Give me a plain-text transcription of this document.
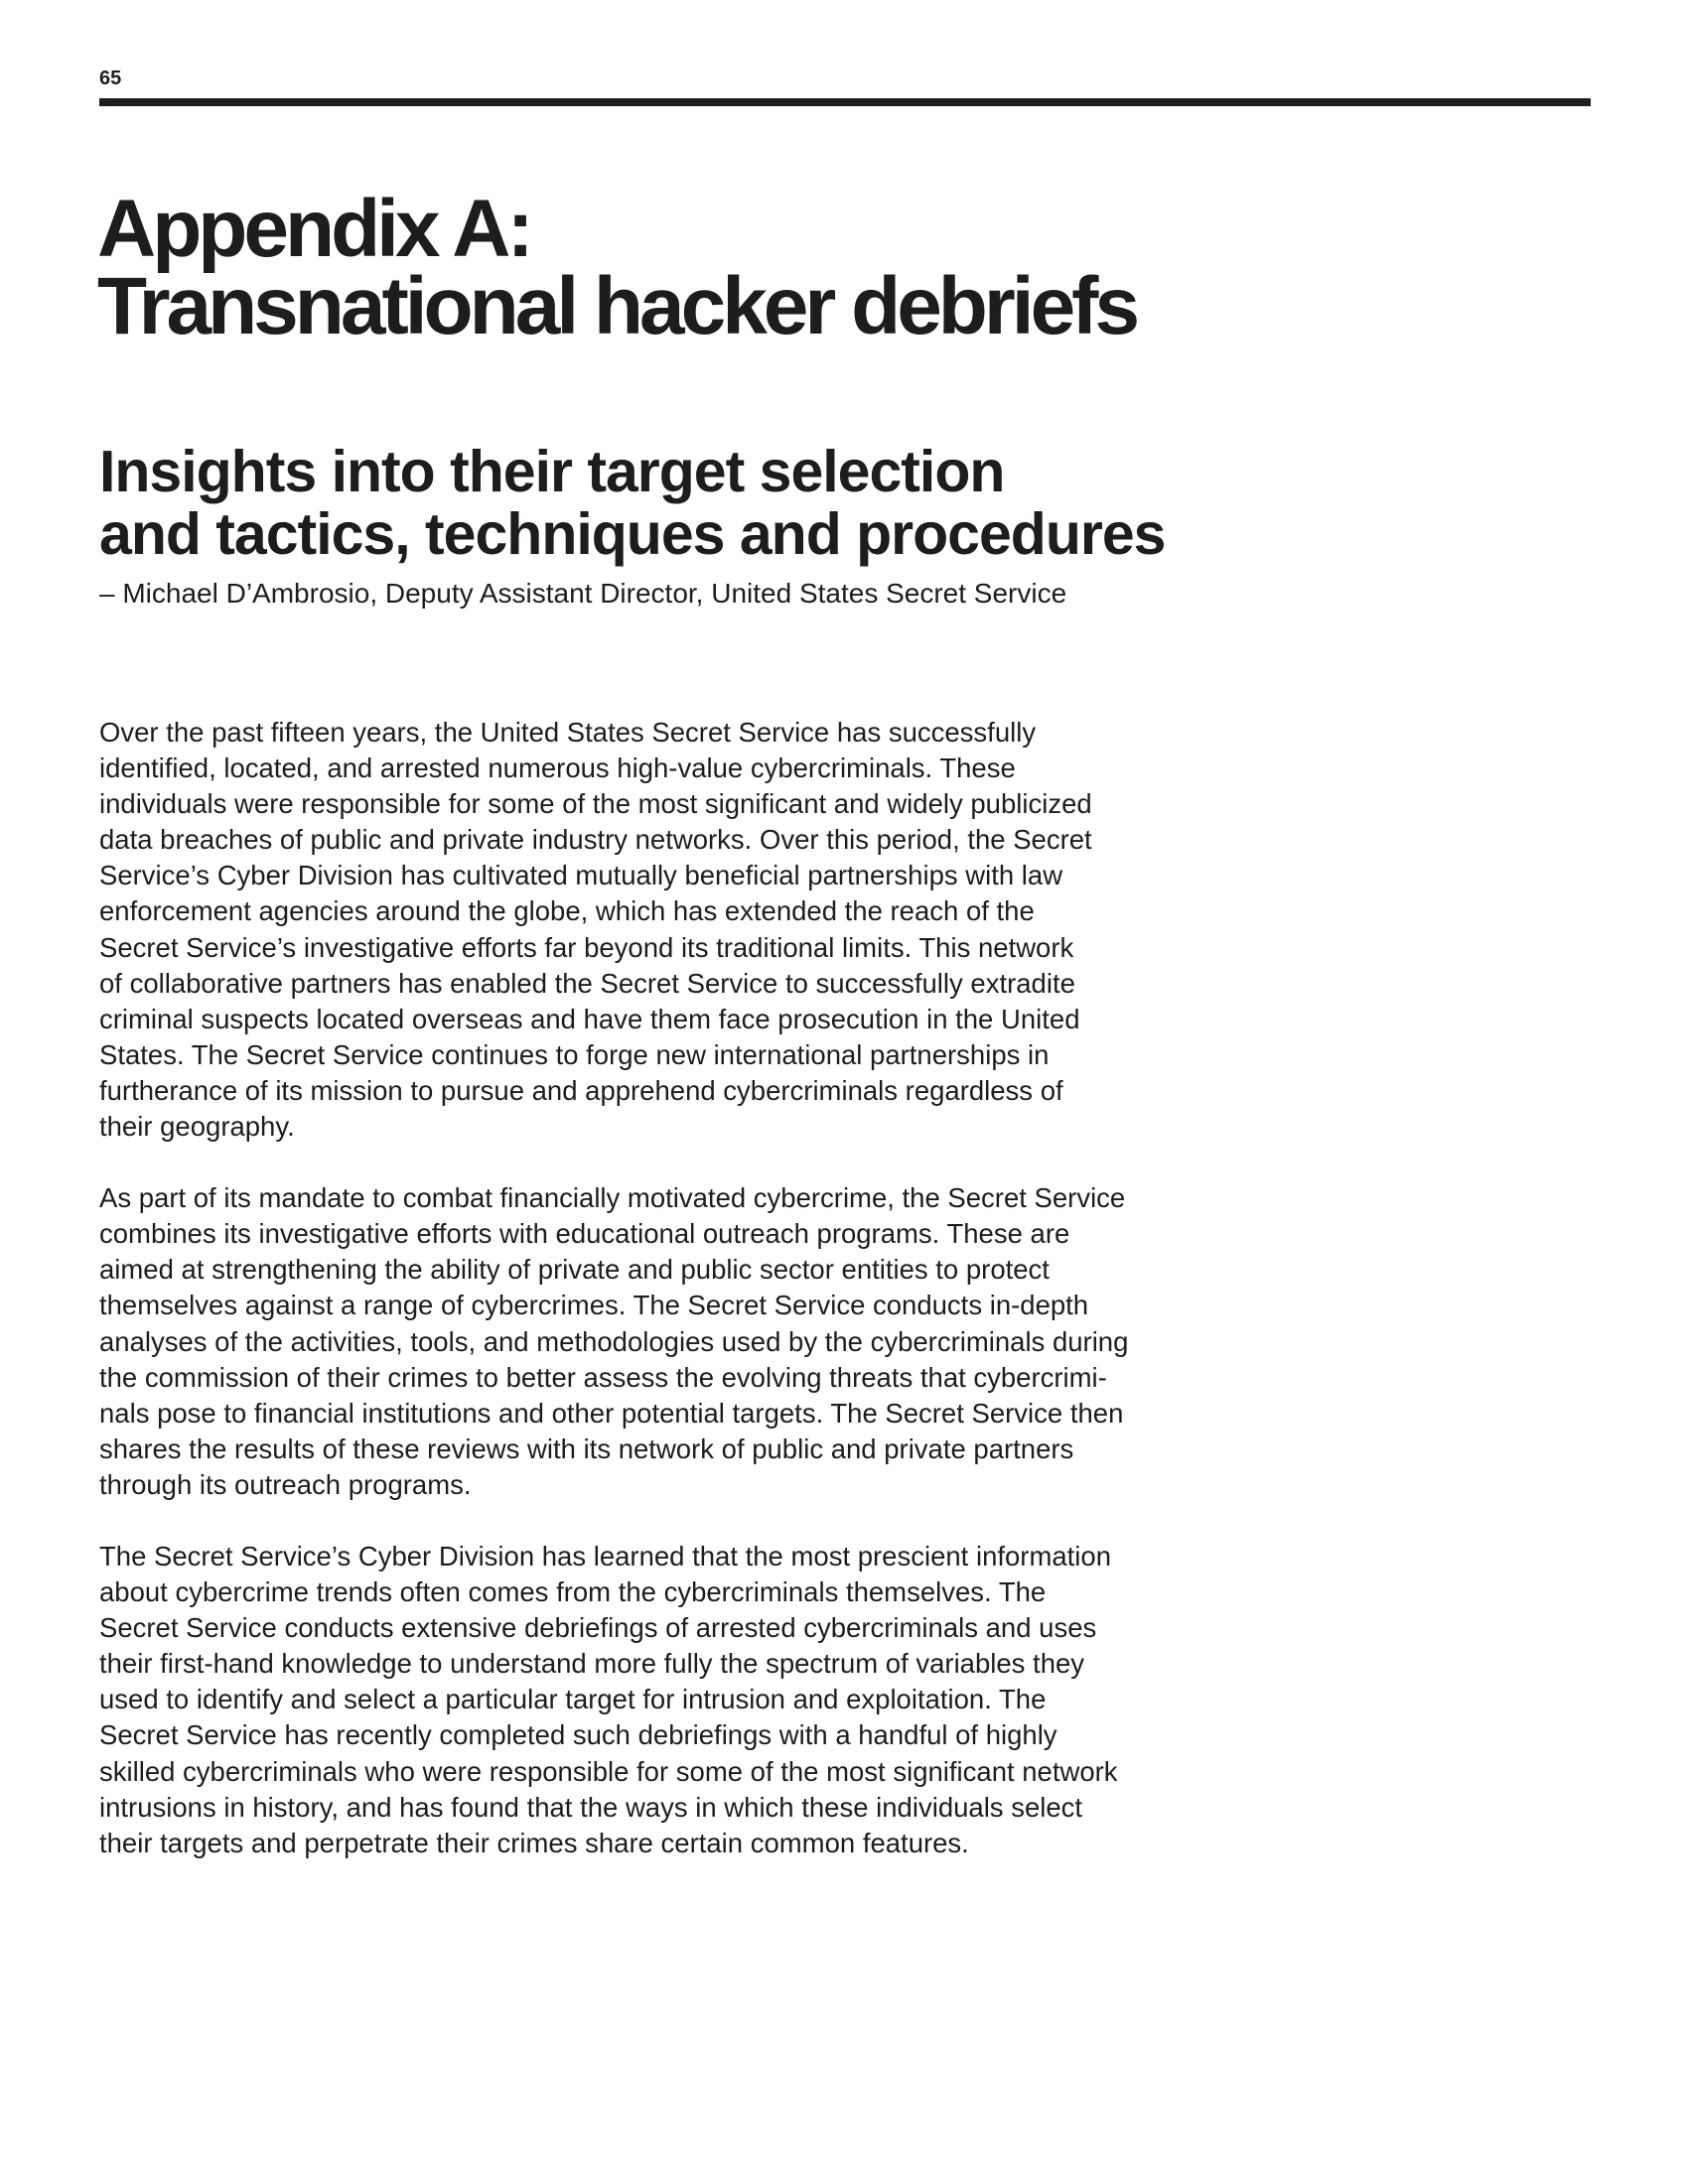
65
Appendix A:
Transnational hacker debriefs
Insights into their target selection
and tactics, techniques and procedures
– Michael D’Ambrosio, Deputy Assistant Director, United States Secret Service

Over the past fifteen years, the United States Secret Service has successfully
identified, located, and arrested numerous high-value cybercriminals. These
individuals were responsible for some of the most significant and widely publicized
data breaches of public and private industry networks. Over this period, the Secret
Service’s Cyber Division has cultivated mutually beneficial partnerships with law
enforcement agencies around the globe, which has extended the reach of the
Secret Service’s investigative efforts far beyond its traditional limits. This network
of collaborative partners has enabled the Secret Service to successfully extradite
criminal suspects located overseas and have them face prosecution in the United
States. The Secret Service continues to forge new international partnerships in
furtherance of its mission to pursue and apprehend cybercriminals regardless of
their geography.

As part of its mandate to combat financially motivated cybercrime, the Secret Service
combines its investigative efforts with educational outreach programs. These are
aimed at strengthening the ability of private and public sector entities to protect
themselves against a range of cybercrimes. The Secret Service conducts in-depth
analyses of the activities, tools, and methodologies used by the cybercriminals during
the commission of their crimes to better assess the evolving threats that cybercrimi-
nals pose to financial institutions and other potential targets. The Secret Service then
shares the results of these reviews with its network of public and private partners
through its outreach programs.

The Secret Service’s Cyber Division has learned that the most prescient information
about cybercrime trends often comes from the cybercriminals themselves. The
Secret Service conducts extensive debriefings of arrested cybercriminals and uses
their first-hand knowledge to understand more fully the spectrum of variables they
used to identify and select a particular target for intrusion and exploitation. The
Secret Service has recently completed such debriefings with a handful of highly
skilled cybercriminals who were responsible for some of the most significant network
intrusions in history, and has found that the ways in which these individuals select
their targets and perpetrate their crimes share certain common features.
